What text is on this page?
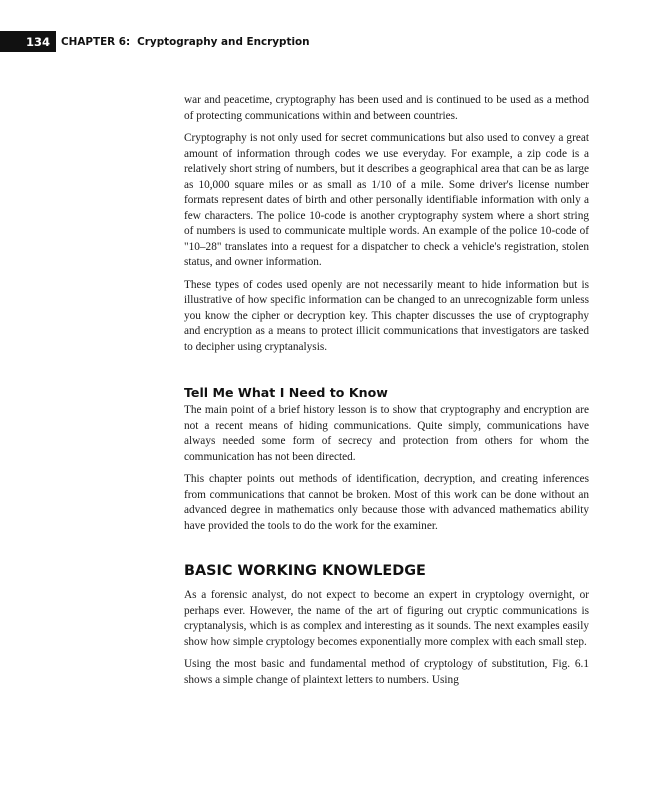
134	CHAPTER 6: Cryptography and Encryption

war and peacetime, cryptography has been used and is continued to be used as a method of protecting communications within and between countries.

Cryptography is not only used for secret communications but also used to convey a great amount of information through codes we use everyday. For example, a zip code is a relatively short string of numbers, but it describes a geographical area that can be as large as 10,000 square miles or as small as 1/10 of a mile. Some driver's license number formats represent dates of birth and other personally identifiable information with only a few characters. The police 10-code is another cryptography system where a short string of numbers is used to communicate multiple words. An example of the police 10-code of "10–28" translates into a request for a dispatcher to check a vehicle's registration, stolen status, and owner information.

These types of codes used openly are not necessarily meant to hide information but is illustrative of how specific information can be changed to an unrecognizable form unless you know the cipher or decryption key. This chapter discusses the use of cryptography and encryption as a means to protect illicit communications that investigators are tasked to decipher using cryptanalysis.

Tell Me What I Need to Know

The main point of a brief history lesson is to show that cryptography and encryption are not a recent means of hiding communications. Quite simply, communications have always needed some form of secrecy and protection from others for whom the communication has not been directed.

This chapter points out methods of identification, decryption, and creating inferences from communications that cannot be broken. Most of this work can be done without an advanced degree in mathematics only because those with advanced mathematics ability have provided the tools to do the work for the examiner.

BASIC WORKING KNOWLEDGE

As a forensic analyst, do not expect to become an expert in cryptology overnight, or perhaps ever. However, the name of the art of figuring out cryptic communications is cryptanalysis, which is as complex and interesting as it sounds. The next examples easily show how simple cryptology becomes exponentially more complex with each small step.

Using the most basic and fundamental method of cryptology of substitution, Fig. 6.1 shows a simple change of plaintext letters to numbers. Using
